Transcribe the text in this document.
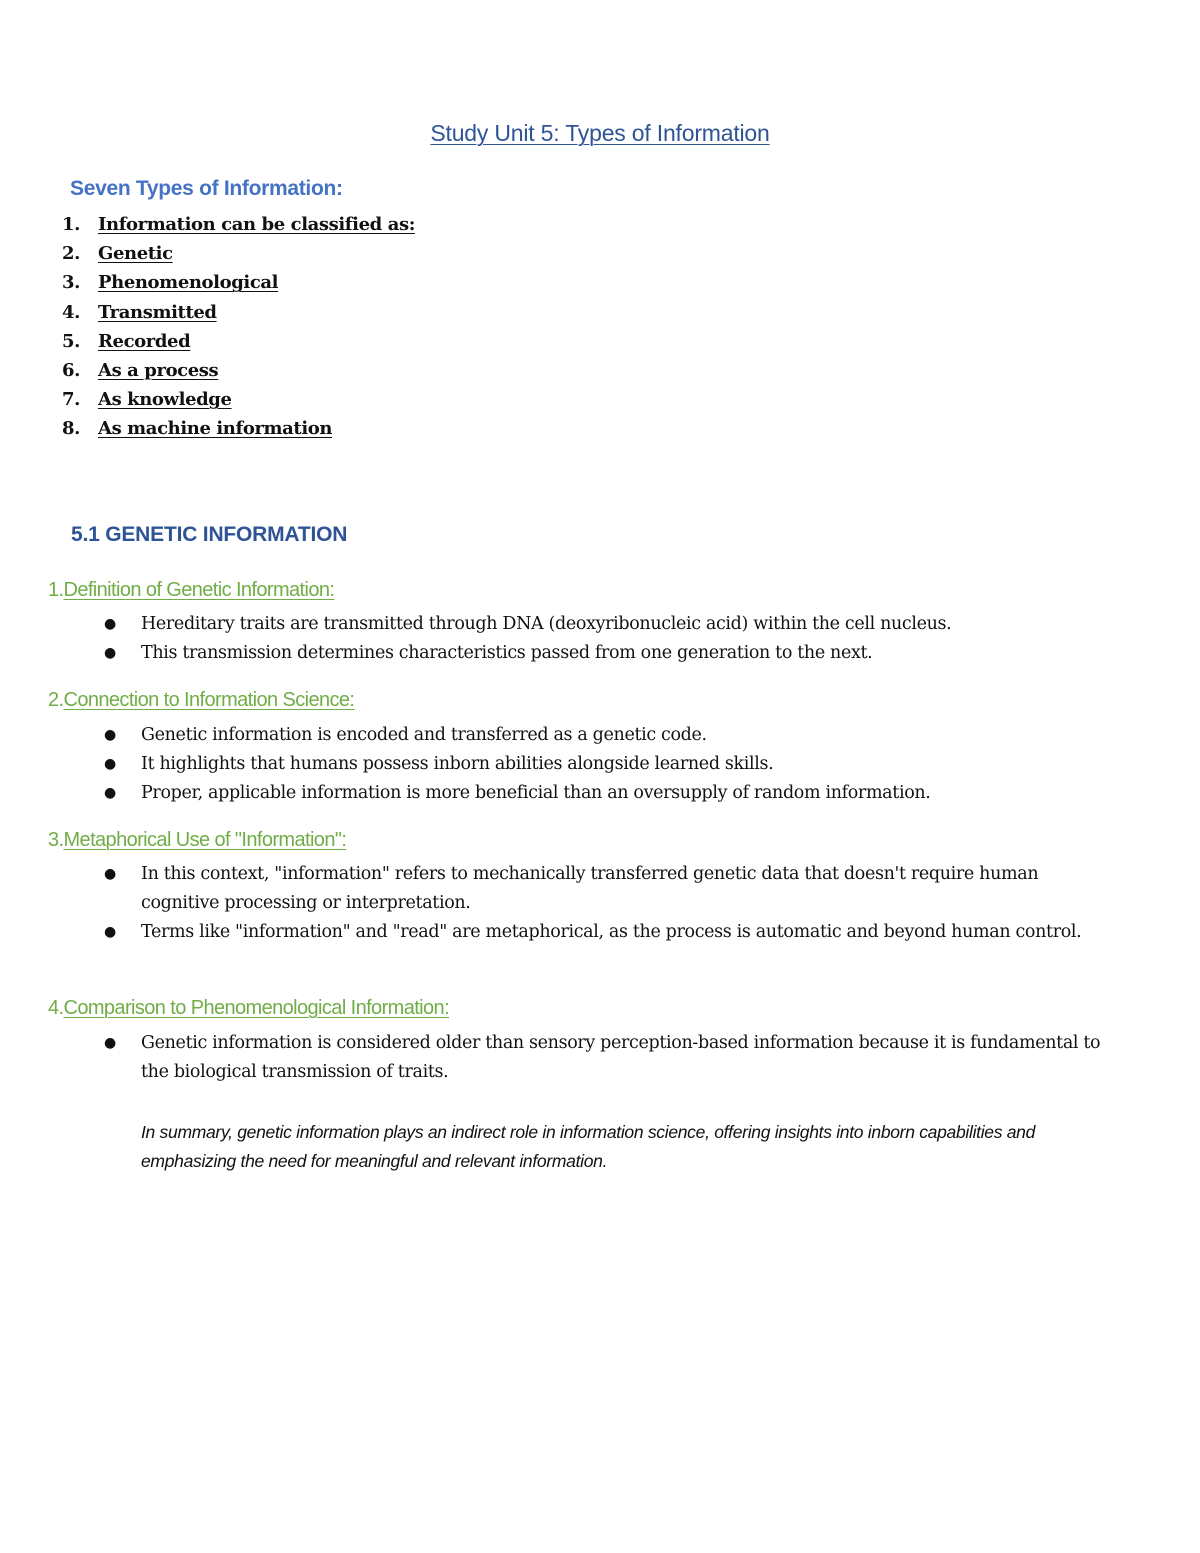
Study Unit 5: Types of Information
Seven Types of Information:
1.	Information can be classified as:
2.	Genetic
3.	Phenomenological
4.	Transmitted
5.	Recorded
6.	As a process
7.	As knowledge
8.	As machine information
5.1 GENETIC INFORMATION
1.Definition of Genetic Information:
●	Hereditary traits are transmitted through DNA (deoxyribonucleic acid) within the cell nucleus.
●	This transmission determines characteristics passed from one generation to the next.
2.Connection to Information Science:
●	Genetic information is encoded and transferred as a genetic code.
●	It highlights that humans possess inborn abilities alongside learned skills.
●	Proper, applicable information is more beneficial than an oversupply of random information.
3.Metaphorical Use of "Information":
●	In this context, "information" refers to mechanically transferred genetic data that doesn't require human cognitive processing or interpretation.
●	Terms like "information" and "read" are metaphorical, as the process is automatic and beyond human control.
4.Comparison to Phenomenological Information:
●	Genetic information is considered older than sensory perception-based information because it is fundamental to the biological transmission of traits.
In summary, genetic information plays an indirect role in information science, offering insights into inborn capabilities and emphasizing the need for meaningful and relevant information.
